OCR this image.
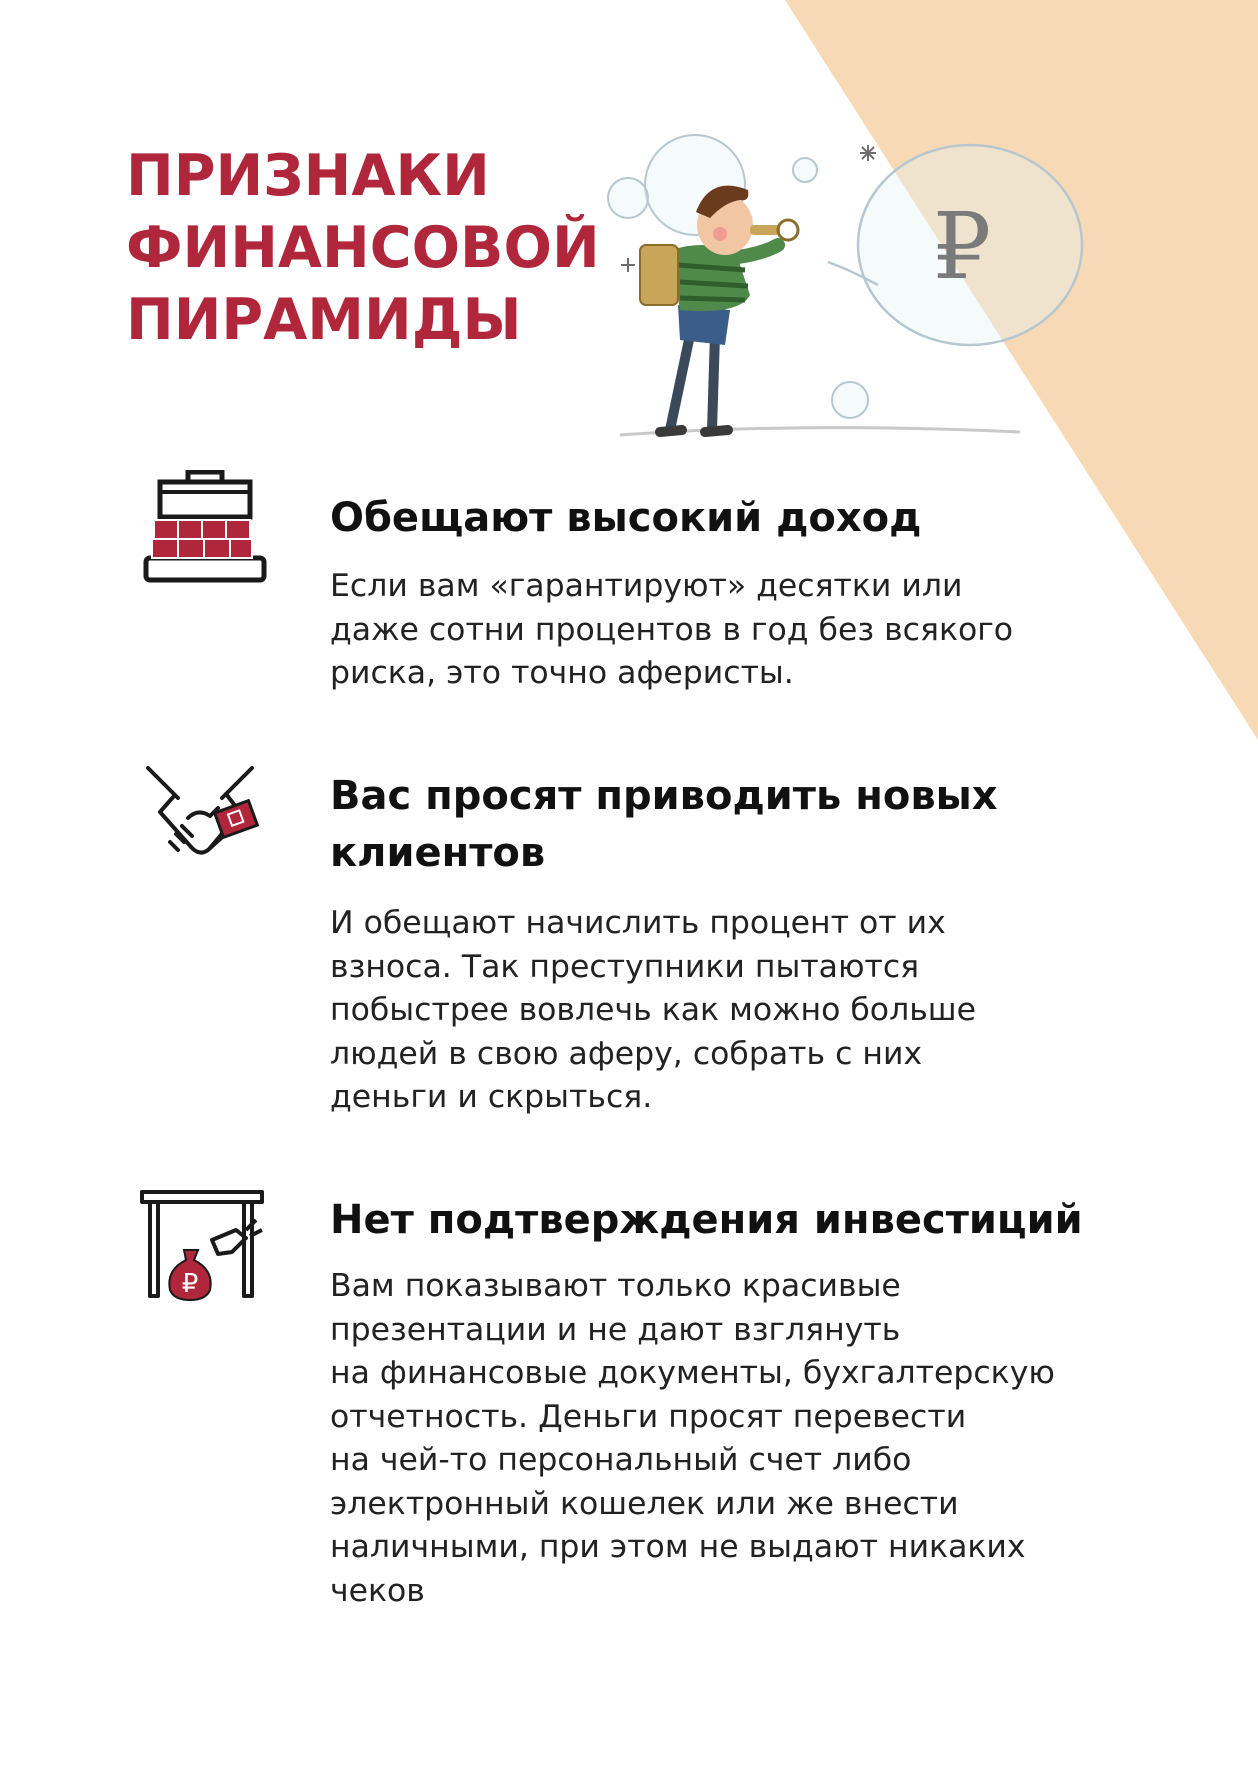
ПРИЗНАКИ
ФИНАНСОВОЙ
ПИРАМИДЫ
₽
Обещают высокий доход

Если вам «гарантируют» десятки или
даже сотни процентов в год без всякого
риска, это точно аферисты.

Вас просят приводить новых
клиентов

И обещают начислить процент от их
взноса. Так преступники пытаются
побыстрее вовлечь как можно больше
людей в свою аферу, собрать с них
деньги и скрыться.

₽
Нет подтверждения инвестиций

Вам показывают только красивые
презентации и не дают взглянуть
на финансовые документы, бухгалтерскую
отчетность. Деньги просят перевести
на чей-то персональный счет либо
электронный кошелек или же внести
наличными, при этом не выдают никаких
чеков
